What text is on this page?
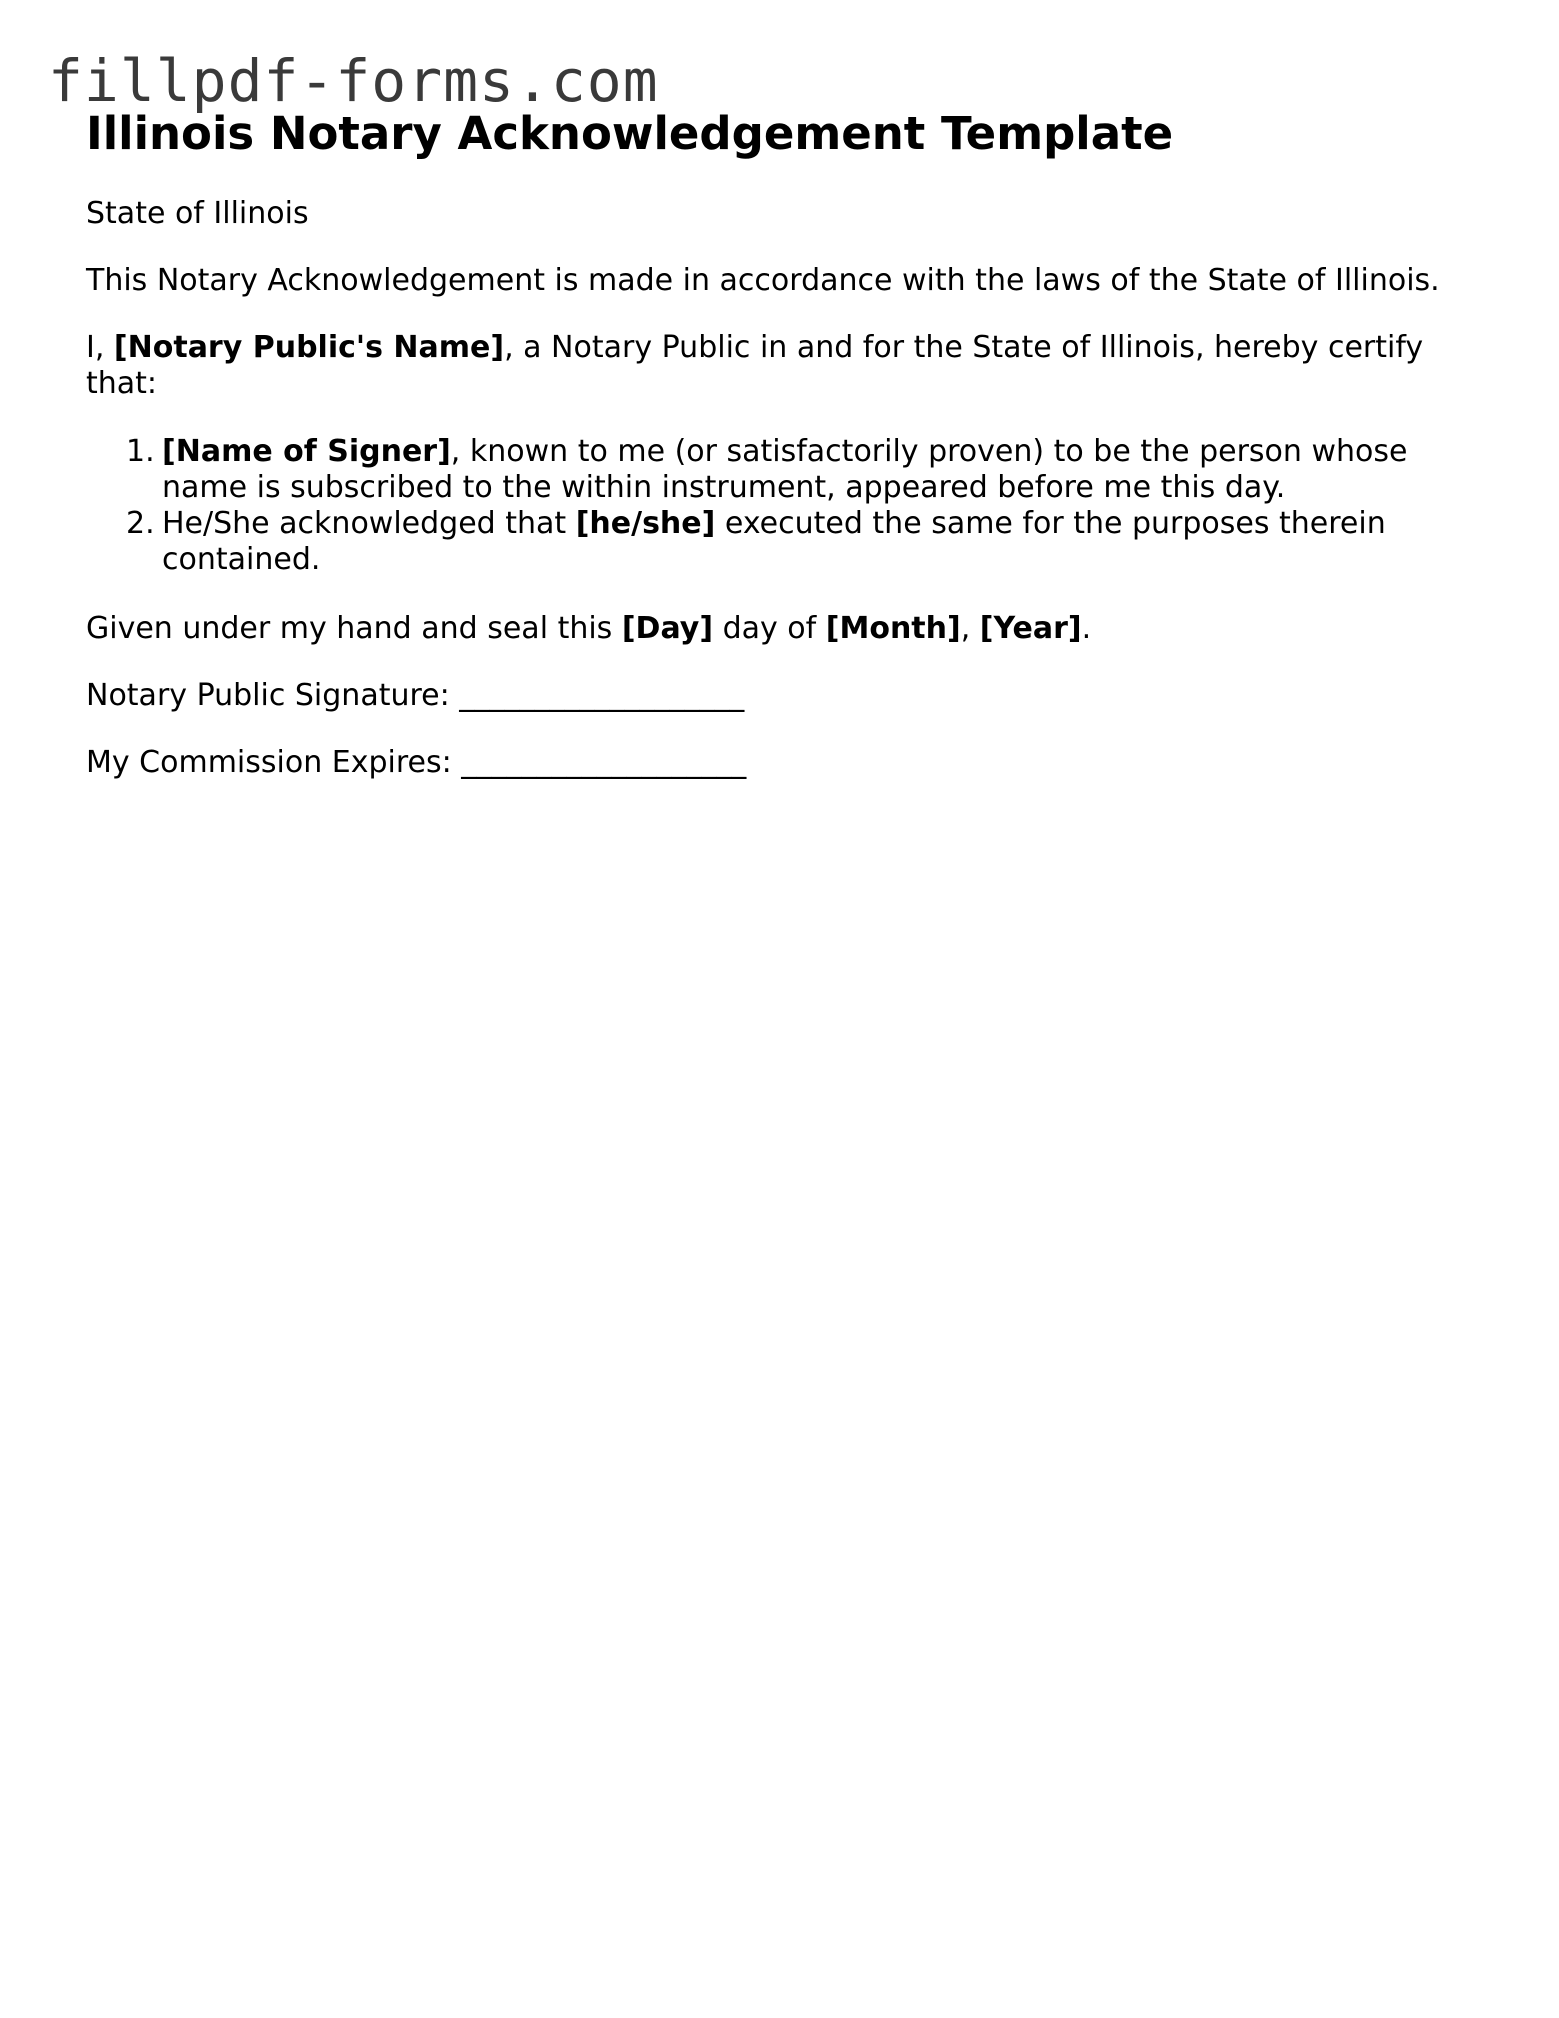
fillpdf-forms.com
Illinois Notary Acknowledgement Template

State of Illinois

This Notary Acknowledgement is made in accordance with the laws of the State of Illinois.

I, [Notary Public's Name], a Notary Public in and for the State of Illinois, hereby certify that:

1. [Name of Signer], known to me (or satisfactorily proven) to be the person whose name is subscribed to the within instrument, appeared before me this day.
2. He/She acknowledged that [he/she] executed the same for the purposes therein contained.

Given under my hand and seal this [Day] day of [Month], [Year].

Notary Public Signature: ___________________

My Commission Expires: ___________________
